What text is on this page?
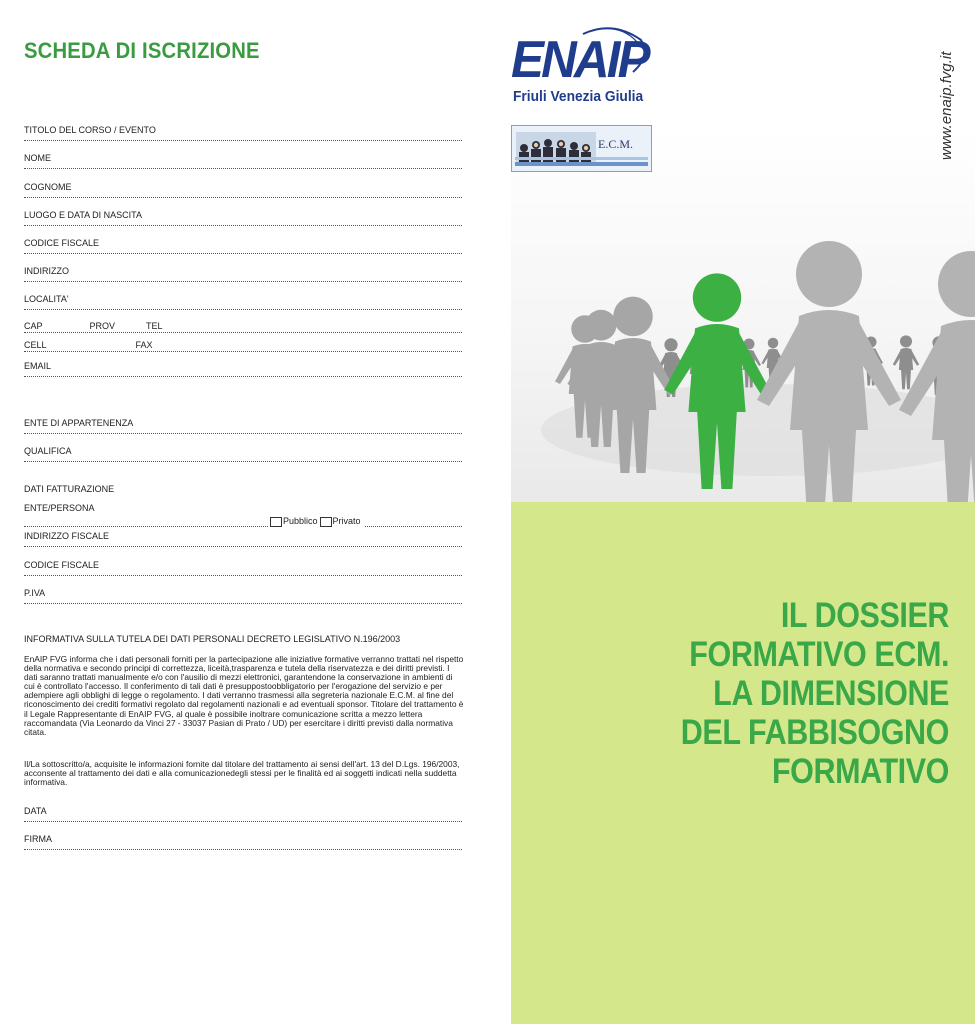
SCHEDA DI ISCRIZIONE
TITOLO DEL CORSO / EVENTO
NOME
COGNOME
LUOGO E DATA DI NASCITA
CODICE FISCALE
INDIRIZZO
LOCALITA'
CAP	PROV	TEL
CELL	FAX
EMAIL
ENTE DI APPARTENENZA
QUALIFICA
DATI FATTURAZIONE
ENTE/PERSONA
Pubblico Privato
INDIRIZZO FISCALE
CODICE FISCALE
P.IVA
INFORMATIVA SULLA TUTELA DEI DATI PERSONALI DECRETO LEGISLATIVO N.196/2003
EnAIP FVG informa che i dati personali forniti per la partecipazione alle iniziative formative verranno trattati nel rispetto della normativa e secondo principi di correttezza, liceità,trasparenza e tutela della riservatezza e dei diritti previsti. I dati saranno trattati manualmente e/o con l'ausilio di mezzi elettronici, garantendone la conservazione in ambienti di cui è controllato l'accesso. Il conferimento di tali dati è presuppostoobbligatorio per l'erogazione del servizio e per adempiere agli obblighi di legge o regolamento. I dati verranno trasmessi alla segreteria nazionale E.C.M. al fine del riconoscimento dei crediti formativi regolato dal regolamenti nazionali e ad eventuali sponsor. Titolare del trattamento è il Legale Rappresentante di EnAIP FVG, al quale è possibile inoltrare comunicazione scritta a mezzo lettera raccomandata (Via Leonardo da Vinci 27 - 33037 Pasian di Prato / UD) per esercitare i diritti previsti dalla normativa citata.
Il/La sottoscritto/a, acquisite le informazioni fornite dal titolare del trattamento ai sensi dell'art. 13 del D.Lgs. 196/2003, acconsente al trattamento dei dati e alla comunicazionedegli stessi per le finalità ed ai soggetti indicati nella suddetta informativa.
DATA
FIRMA
ENAIP
Friuli Venezia Giulia
E.C.M.	www.enaip.fvg.it
IL DOSSIER
FORMATIVO ECM.
LA DIMENSIONE
DEL FABBISOGNO
FORMATIVO
